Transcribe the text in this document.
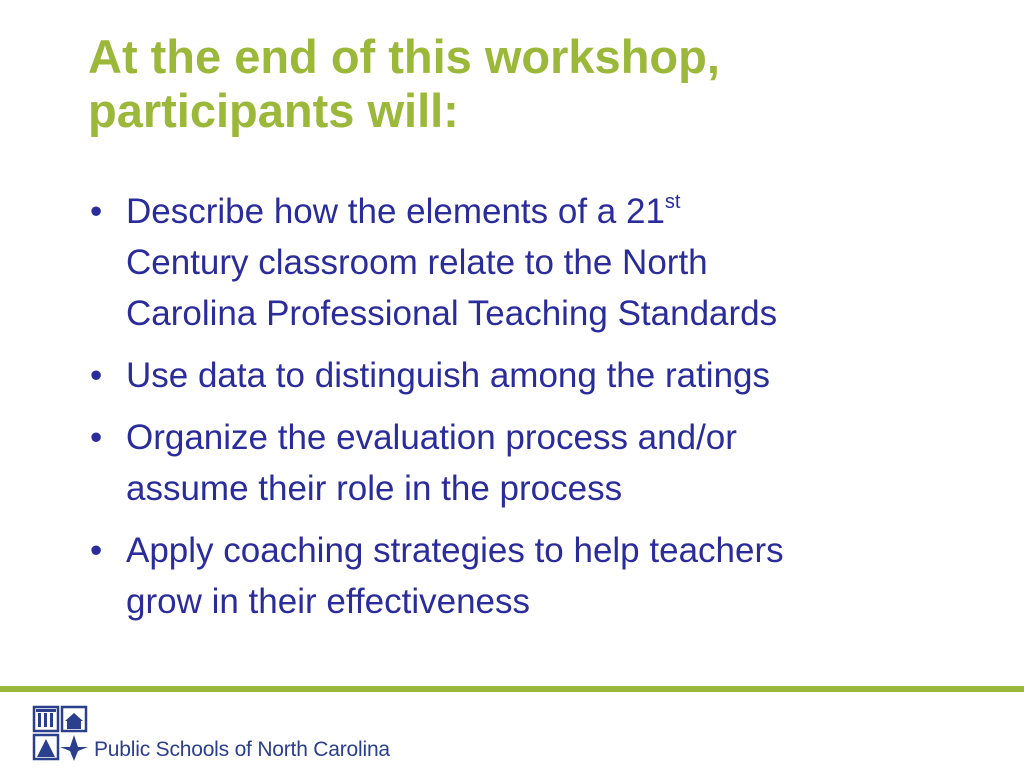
At the end of this workshop,
participants will:
• Describe how the elements of a 21st
Century classroom relate to the North
Carolina Professional Teaching Standards
• Use data to distinguish among the ratings
• Organize the evaluation process and/or
assume their role in the process
• Apply coaching strategies to help teachers
grow in their effectiveness
Public Schools of North Carolina
